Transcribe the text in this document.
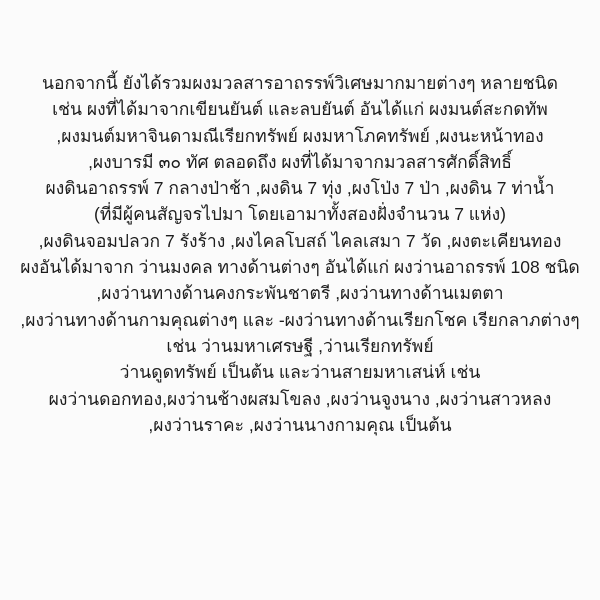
นอกจากนี้ ยังได้รวมผงมวลสารอาถรรพ์วิเศษมากมายต่างๆ หลายชนิด
เช่น ผงที่ได้มาจากเขียนยันต์ และลบยันต์ อันได้แก่ ผงมนต์สะกดทัพ
,ผงมนต์มหาจินดามณีเรียกทรัพย์ ผงมหาโภคทรัพย์ ,ผงนะหน้าทอง
,ผงบารมี ๓๐ ทัศ ตลอดถึง ผงที่ได้มาจากมวลสารศักดิ์สิทธิ์
ผงดินอาถรรพ์ 7 กลางป่าช้า ,ผงดิน 7 ทุ่ง ,ผงโป่ง 7 ป่า ,ผงดิน 7 ท่าน้ำ
(ที่มีผู้คนสัญจรไปมา โดยเอามาทั้งสองฝั่งจำนวน 7 แห่ง)
,ผงดินจอมปลวก 7 รังร้าง ,ผงไคลโบสถ์ ไคลเสมา 7 วัด ,ผงตะเคียนทอง
ผงอันได้มาจาก ว่านมงคล ทางด้านต่างๆ อันได้แก่ ผงว่านอาถรรพ์ 108 ชนิด
,ผงว่านทางด้านคงกระพันชาตรี ,ผงว่านทางด้านเมตตา
,ผงว่านทางด้านกามคุณต่างๆ และ -ผงว่านทางด้านเรียกโชค เรียกลาภต่างๆ
เช่น ว่านมหาเศรษฐี ,ว่านเรียกทรัพย์
ว่านดูดทรัพย์ เป็นต้น และว่านสายมหาเสน่ห์ เช่น
ผงว่านดอกทอง,ผงว่านช้างผสมโขลง ,ผงว่านจูงนาง ,ผงว่านสาวหลง
,ผงว่านราคะ ,ผงว่านนางกามคุณ เป็นต้น
